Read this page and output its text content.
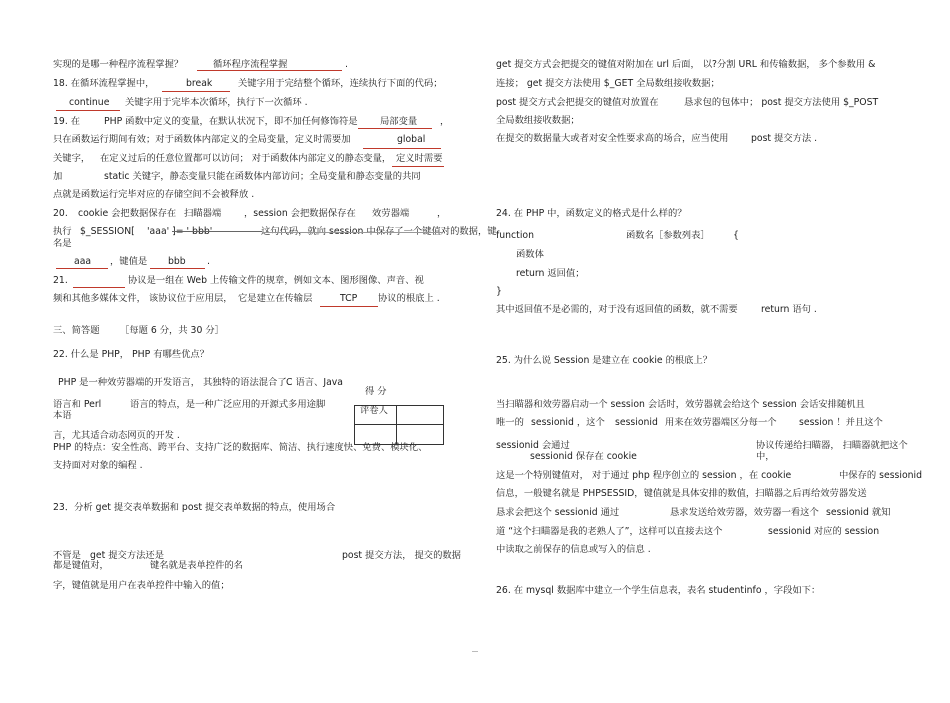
实现的是哪一种程序流程掌握？	循环程序流程掌握	.
18. 在循环流程掌握中，	break	关键字用于完结整个循环，连续执行下面的代码；
continue 关键字用于完毕本次循环，执行下一次循环 .
19. 在	PHP 函数中定义的变量，在默认状况下，即不加任何修饰符是 局部变量 ，
只在函数运行期间有效；对于函数体内部定义的全局变量，定义时需要加	global
关键字， 在定义过后的任意位置都可以访问； 对于函数体内部定义的静态变量， 定义时需要
加	static 关键字，静态变量只能在函数体内部访问；全局变量和静态变量的共同
点就是函数运行完毕对应的存储空间不会被释放 .
20. cookie 会把数据保存在 扫瞄器端 ，session 会把数据保存在 效劳器端	，
执行 $_SESSION[ 'aaa' ]= ' bbb'	这句代码，就向 session 中保存了一个键值对的数据，键
名是
aaa ，键值是 bbb .
21.	协议是一组在 Web 上传输文件的规章，例如文本、图形图像、声音、视
频和其他多媒体文件， 该协议位于应用层， 它是建立在传输层	TCP 协议的根底上 .
三、简答题 ［每题 6 分，共 30 分］
22. 什么是 PHP， PHP 有哪些优点？
PHP 是一种效劳器端的开发语言， 其独特的语法混合了 C 语言、Java
语言和 Perl	语言的特点，是一种广泛应用的开源式多用途脚
本语
言，尤其适合动态网页的开发 .
PHP 的特点：安全性高、跨平台、支持广泛的数据库、简洁、执行速度快、免费、模块化、
支持面对对象的编程 .
得 分
评卷人
23．分析 get 提交表单数据和 post 提交表单数据的特点，使用场合
不管是 get 提交方法还是	post 提交方法， 提交的数据
都是键值对，	键名就是表单控件的名
字，键值就是用户在表单控件中输入的值；
get 提交方式会把提交的键值对附加在 url 后面， 以?分割 URL 和传输数据， 多个参数用 &
连接； get 提交方法使用 $_GET 全局数组接收数据；
post 提交方式会把提交的键值对放置在	恳求包的包体中； post 提交方法使用 $_POST
全局数组接收数据；
在提交的数据量大或者对安全性要求高的场合，应当使用 post 提交方法 .
24. 在 PHP 中，函数定义的格式是什么样的？
function	函数名［参数列表］	{
函数体
return 返回值；
}
其中返回值不是必需的，对于没有返回值的函数，就不需要	return 语句 .
25. 为什么说 Session 是建立在 cookie 的根底上？
当扫瞄器和效劳器启动一个 session 会话时，效劳器就会给这个 session 会话安排随机且
唯一的 sessionid ，这个 sessionid 用来在效劳器端区分每一个 session ！并且这个
sessionid 会通过	协议传递给扫瞄器， 扫瞄器就把这个
sessionid 保存在 cookie	中，
这是一个特别键值对， 对于通过 php 程序创立的 session ，在 cookie	中保存的 sessionid
信息，一般键名就是 PHPSESSID，键值就是具体安排的数值，扫瞄器之后再给效劳器发送
恳求会把这个 sessionid 通过	恳求发送给效劳器，效劳器一看这个 sessionid 就知
道 “这个扫瞄器是我的老熟人了”，这样可以直接去这个	sessionid 对应的 session
中读取之前保存的信息或写入的信息 .
26. 在 mysql 数据库中建立一个学生信息表，表名 studentinfo ，字段如下：
